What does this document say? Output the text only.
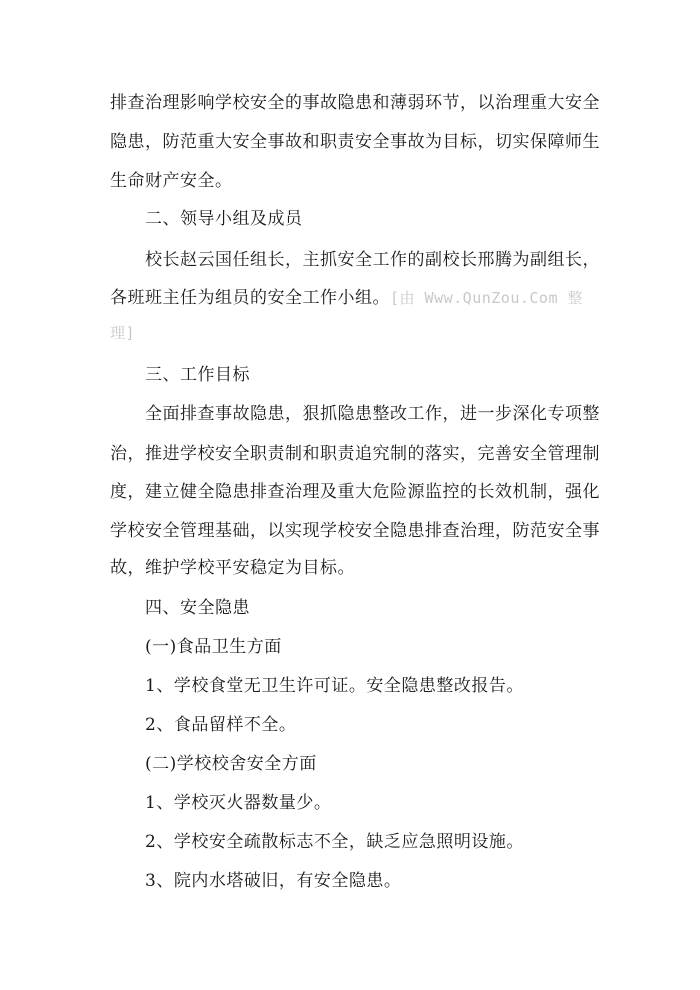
排查治理影响学校安全的事故隐患和薄弱环节，以治理重大安全
隐患，防范重大安全事故和职责安全事故为目标，切实保障师生
生命财产安全。
二、领导小组及成员
校长赵云国任组长，主抓安全工作的副校长邢腾为副组长，
各班班主任为组员的安全工作小组。[由 Www.QunZou.Com 整
理]
三、工作目标
全面排查事故隐患，狠抓隐患整改工作，进一步深化专项整
治，推进学校安全职责制和职责追究制的落实，完善安全管理制
度，建立健全隐患排查治理及重大危险源监控的长效机制，强化
学校安全管理基础，以实现学校安全隐患排查治理，防范安全事
故，维护学校平安稳定为目标。
四、安全隐患
(一)食品卫生方面
1、学校食堂无卫生许可证。安全隐患整改报告。
2、食品留样不全。
(二)学校校舍安全方面
1、学校灭火器数量少。
2、学校安全疏散标志不全，缺乏应急照明设施。
3、院内水塔破旧，有安全隐患。
